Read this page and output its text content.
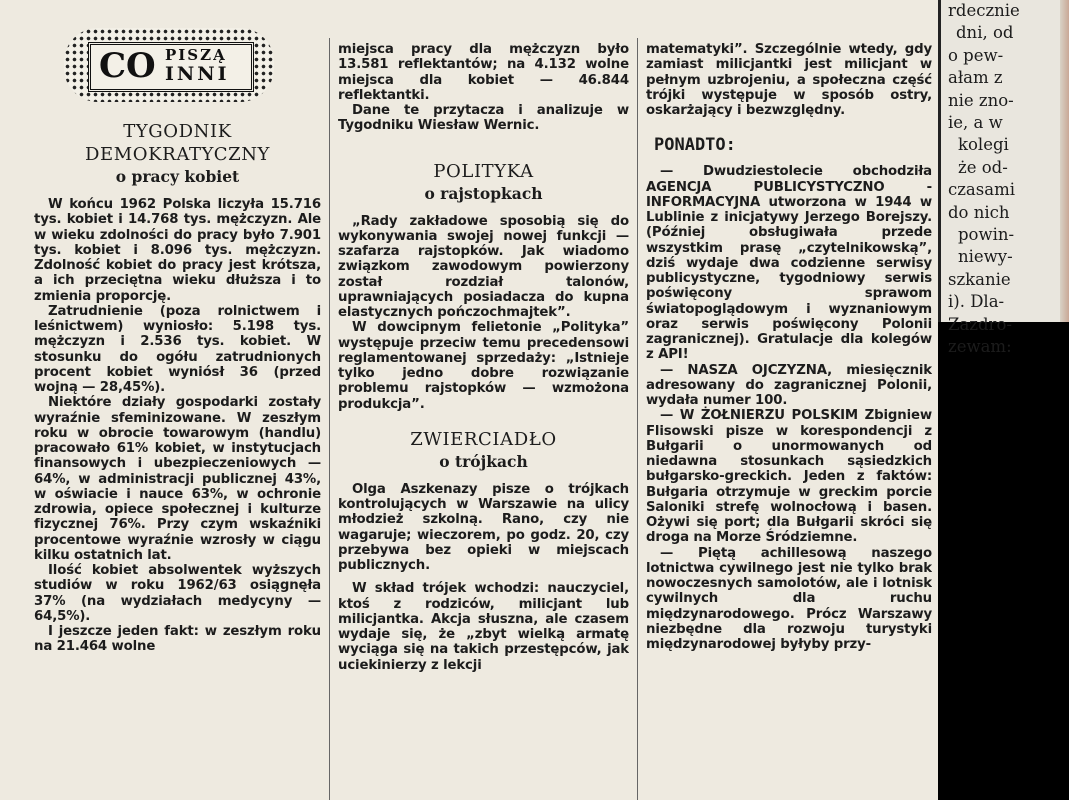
CO PISZĄ
INNI
TYGODNIK
DEMOKRATYCZNY
o pracy kobiet

W końcu 1962 Polska liczyła 15.716 tys. kobiet i 14.768 tys. mężczyzn. Ale w wieku zdolności do pracy było 7.901 tys. kobiet i 8.096 tys. mężczyzn. Zdolność kobiet do pracy jest krótsza, a ich przeciętna wieku dłuższa i to zmienia proporcję.

Zatrudnienie (poza rolnictwem i leśnictwem) wyniosło: 5.198 tys. mężczyzn i 2.536 tys. kobiet. W stosunku do ogółu zatrudnionych procent kobiet wyniósł 36 (przed wojną — 28,45%).

Niektóre działy gospodarki zostały wyraźnie sfeminizowane. W zeszłym roku w obrocie towarowym (handlu) pracowało 61% kobiet, w instytucjach finansowych i ubezpieczeniowych — 64%, w administracji publicznej 43%, w oświacie i nauce 63%, w ochronie zdrowia, opiece społecznej i kulturze fizycznej 76%. Przy czym wskaźniki procentowe wyraźnie wzrosły w ciągu kilku ostatnich lat.

Ilość kobiet absolwentek wyższych studiów w roku 1962/63 osiągnęła 37% (na wydziałach medycyny — 64,5%).

I jeszcze jeden fakt: w zeszłym roku na 21.464 wolne

miejsca pracy dla mężczyzn było 13.581 reflektantów; na 4.132 wolne miejsca dla kobiet — 46.844 reflektantki.

Dane te przytacza i analizuje w Tygodniku Wiesław Wernic.

POLITYKA
o rajstopkach

„Rady zakładowe sposobią się do wykonywania swojej nowej funkcji — szafarza rajstopków. Jak wiadomo związkom zawodowym powierzony został rozdział talonów, uprawniających posiadacza do kupna elastycznych pończochmajtek”.

W dowcipnym felietonie „Polityka” występuje przeciw temu precedensowi reglamentowanej sprzedaży: „Istnieje tylko jedno dobre rozwiązanie problemu rajstopków — wzmożona produkcja”.

ZWIERCIADŁO
o trójkach

Olga Aszkenazy pisze o trójkach kontrolujących w Warszawie na ulicy młodzież szkolną. Rano, czy nie wagaruje; wieczorem, po godz. 20, czy przebywa bez opieki w miejscach publicznych.

W skład trójek wchodzi: nauczyciel, ktoś z rodziców, milicjant lub milicjantka. Akcja słuszna, ale czasem wydaje się, że „zbyt wielką armatę wyciąga się na takich przestępców, jak uciekinierzy z lekcji

matematyki”. Szczególnie wtedy, gdy zamiast milicjantki jest milicjant w pełnym uzbrojeniu, a społeczna część trójki występuje w sposób ostry, oskarżający i bezwzględny.

PONADTO:

— Dwudziestolecie obchodziła AGENCJA PUBLICYSTYCZNO - INFORMACYJNA utworzona w 1944 w Lublinie z inicjatywy Jerzego Borejszy. (Później obsługiwała przede wszystkim prasę „czytelnikowską”, dziś wydaje dwa codzienne serwisy publicystyczne, tygodniowy serwis poświęcony sprawom światopoglądowym i wyznaniowym oraz serwis poświęcony Polonii zagranicznej). Gratulacje dla kolegów z API!

— NASZA OJCZYZNA, miesięcznik adresowany do zagranicznej Polonii, wydała numer 100.

— W ŻOŁNIERZU POLSKIM Zbigniew Flisowski pisze w korespondencji z Bułgarii o unormowanych od niedawna stosunkach sąsiedzkich bułgarsko-greckich. Jeden z faktów: Bułgaria otrzymuje w greckim porcie Saloniki strefę wolnocłową i basen. Ożywi się port; dla Bułgarii skróci się droga na Morze Śródziemne.

— Piętą achillesową naszego lotnictwa cywilnego jest nie tylko brak nowoczesnych samolotów, ale i lotnisk cywilnych dla ruchu międzynarodowego. Prócz Warszawy niezbędne dla rozwoju turystyki międzynarodowej byłyby przy-

rdecznie
dni, od
o pew-
ałam z
nie zno-
ie, a w
kolegi
że od-
czasami
do nich
powin-
niewy-
szkanie
i). Dla-
Zazdro-
zewam:
